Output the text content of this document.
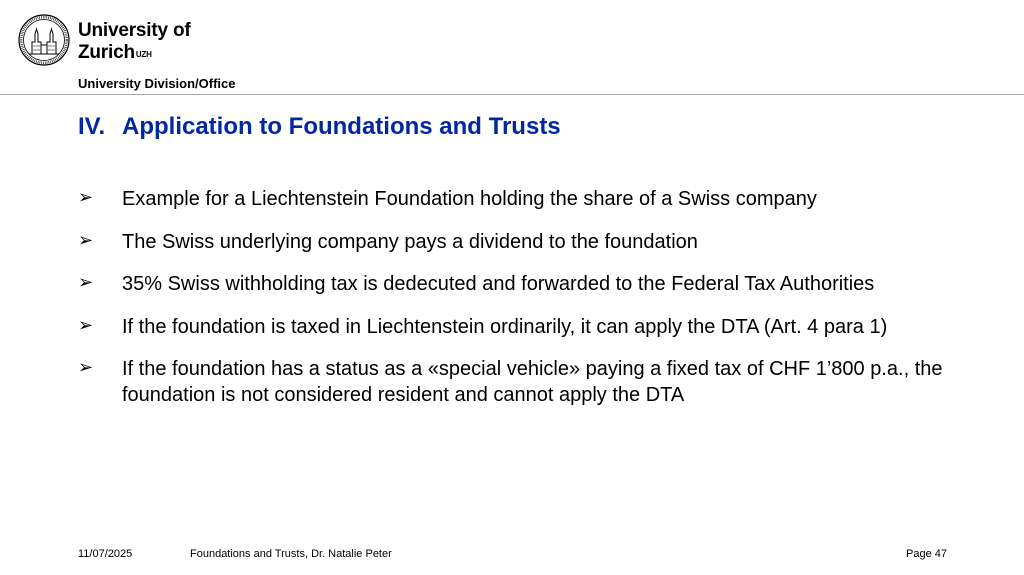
University of
Zurich$^{UZH}$
University Division/Office
IV. Application to Foundations and Trusts
➢ Example for a Liechtenstein Foundation holding the share of a Swiss company
➢ The Swiss underlying company pays a dividend to the foundation
➢ 35% Swiss withholding tax is dedecuted and forwarded to the Federal Tax Authorities
➢ If the foundation is taxed in Liechtenstein ordinarily, it can apply the DTA (Art. 4 para 1)
➢ If the foundation has a status as a «special vehicle» paying a fixed tax of CHF 1’800 p.a., the foundation is not considered resident and cannot apply the DTA
11/07/2025	Foundations and Trusts, Dr. Natalie Peter	Page 47
